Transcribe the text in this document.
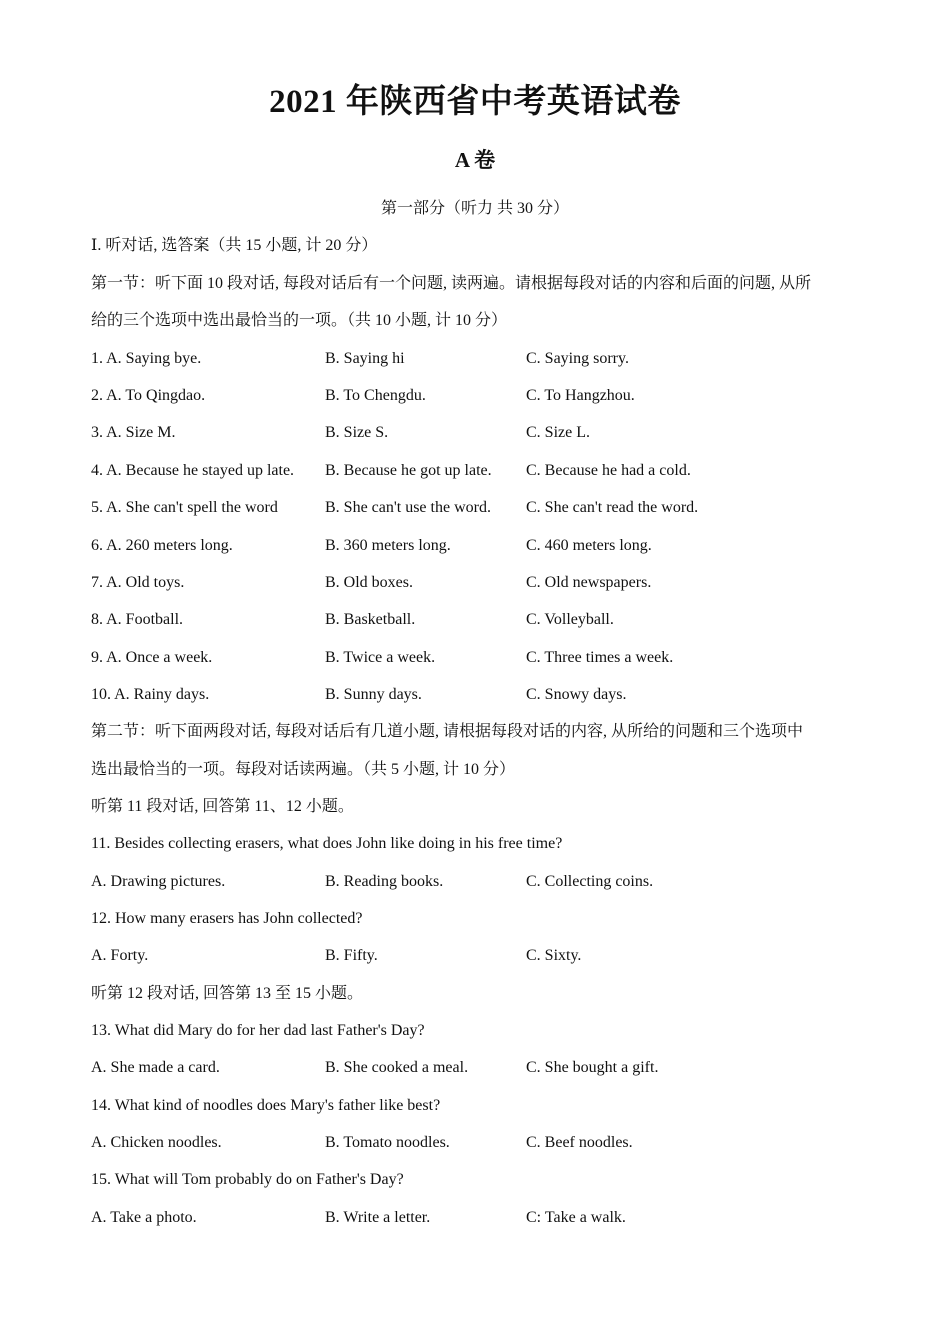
2021 年陕西省中考英语试卷
A 卷
第一部分（听力 共 30 分）
Ⅰ. 听对话, 选答案（共 15 小题, 计 20 分）
第一节：听下面 10 段对话, 每段对话后有一个问题, 读两遍。请根据每段对话的内容和后面的问题, 从所
给的三个选项中选出最恰当的一项。（共 10 小题, 计 10 分）
1. A. Saying bye.	B. Saying hi	C. Saying sorry.
2. A. To Qingdao.	B. To Chengdu.	C. To Hangzhou.
3. A. Size M.	B. Size S.	C. Size L.
4. A. Because he stayed up late. B. Because he got up late. C. Because he had a cold.
5. A. She can't spell the word	B. She can't use the word. C. She can't read the word.
6. A. 260 meters long.	B. 360 meters long.	C. 460 meters long.
7. A. Old toys.	B. Old boxes.	C. Old newspapers.
8. A. Football.	B. Basketball.	C. Volleyball.
9. A. Once a week.	B. Twice a week.	C. Three times a week.
10. A. Rainy days.	B. Sunny days.	C. Snowy days.
第二节：听下面两段对话, 每段对话后有几道小题, 请根据每段对话的内容, 从所给的问题和三个选项中
选出最恰当的一项。每段对话读两遍。（共 5 小题, 计 10 分）
听第 11 段对话, 回答第 11、12 小题。
11. Besides collecting erasers, what does John like doing in his free time?
A. Drawing pictures.	B. Reading books.	C. Collecting coins.
12. How many erasers has John collected?
A. Forty.	B. Fifty.	C. Sixty.
听第 12 段对话, 回答第 13 至 15 小题。
13. What did Mary do for her dad last Father's Day?
A. She made a card.	B. She cooked a meal.	C. She bought a gift.
14. What kind of noodles does Mary's father like best?
A. Chicken noodles.	B. Tomato noodles.	C. Beef noodles.
15. What will Tom probably do on Father's Day?
A. Take a photo.	B. Write a letter.	C: Take a walk.
